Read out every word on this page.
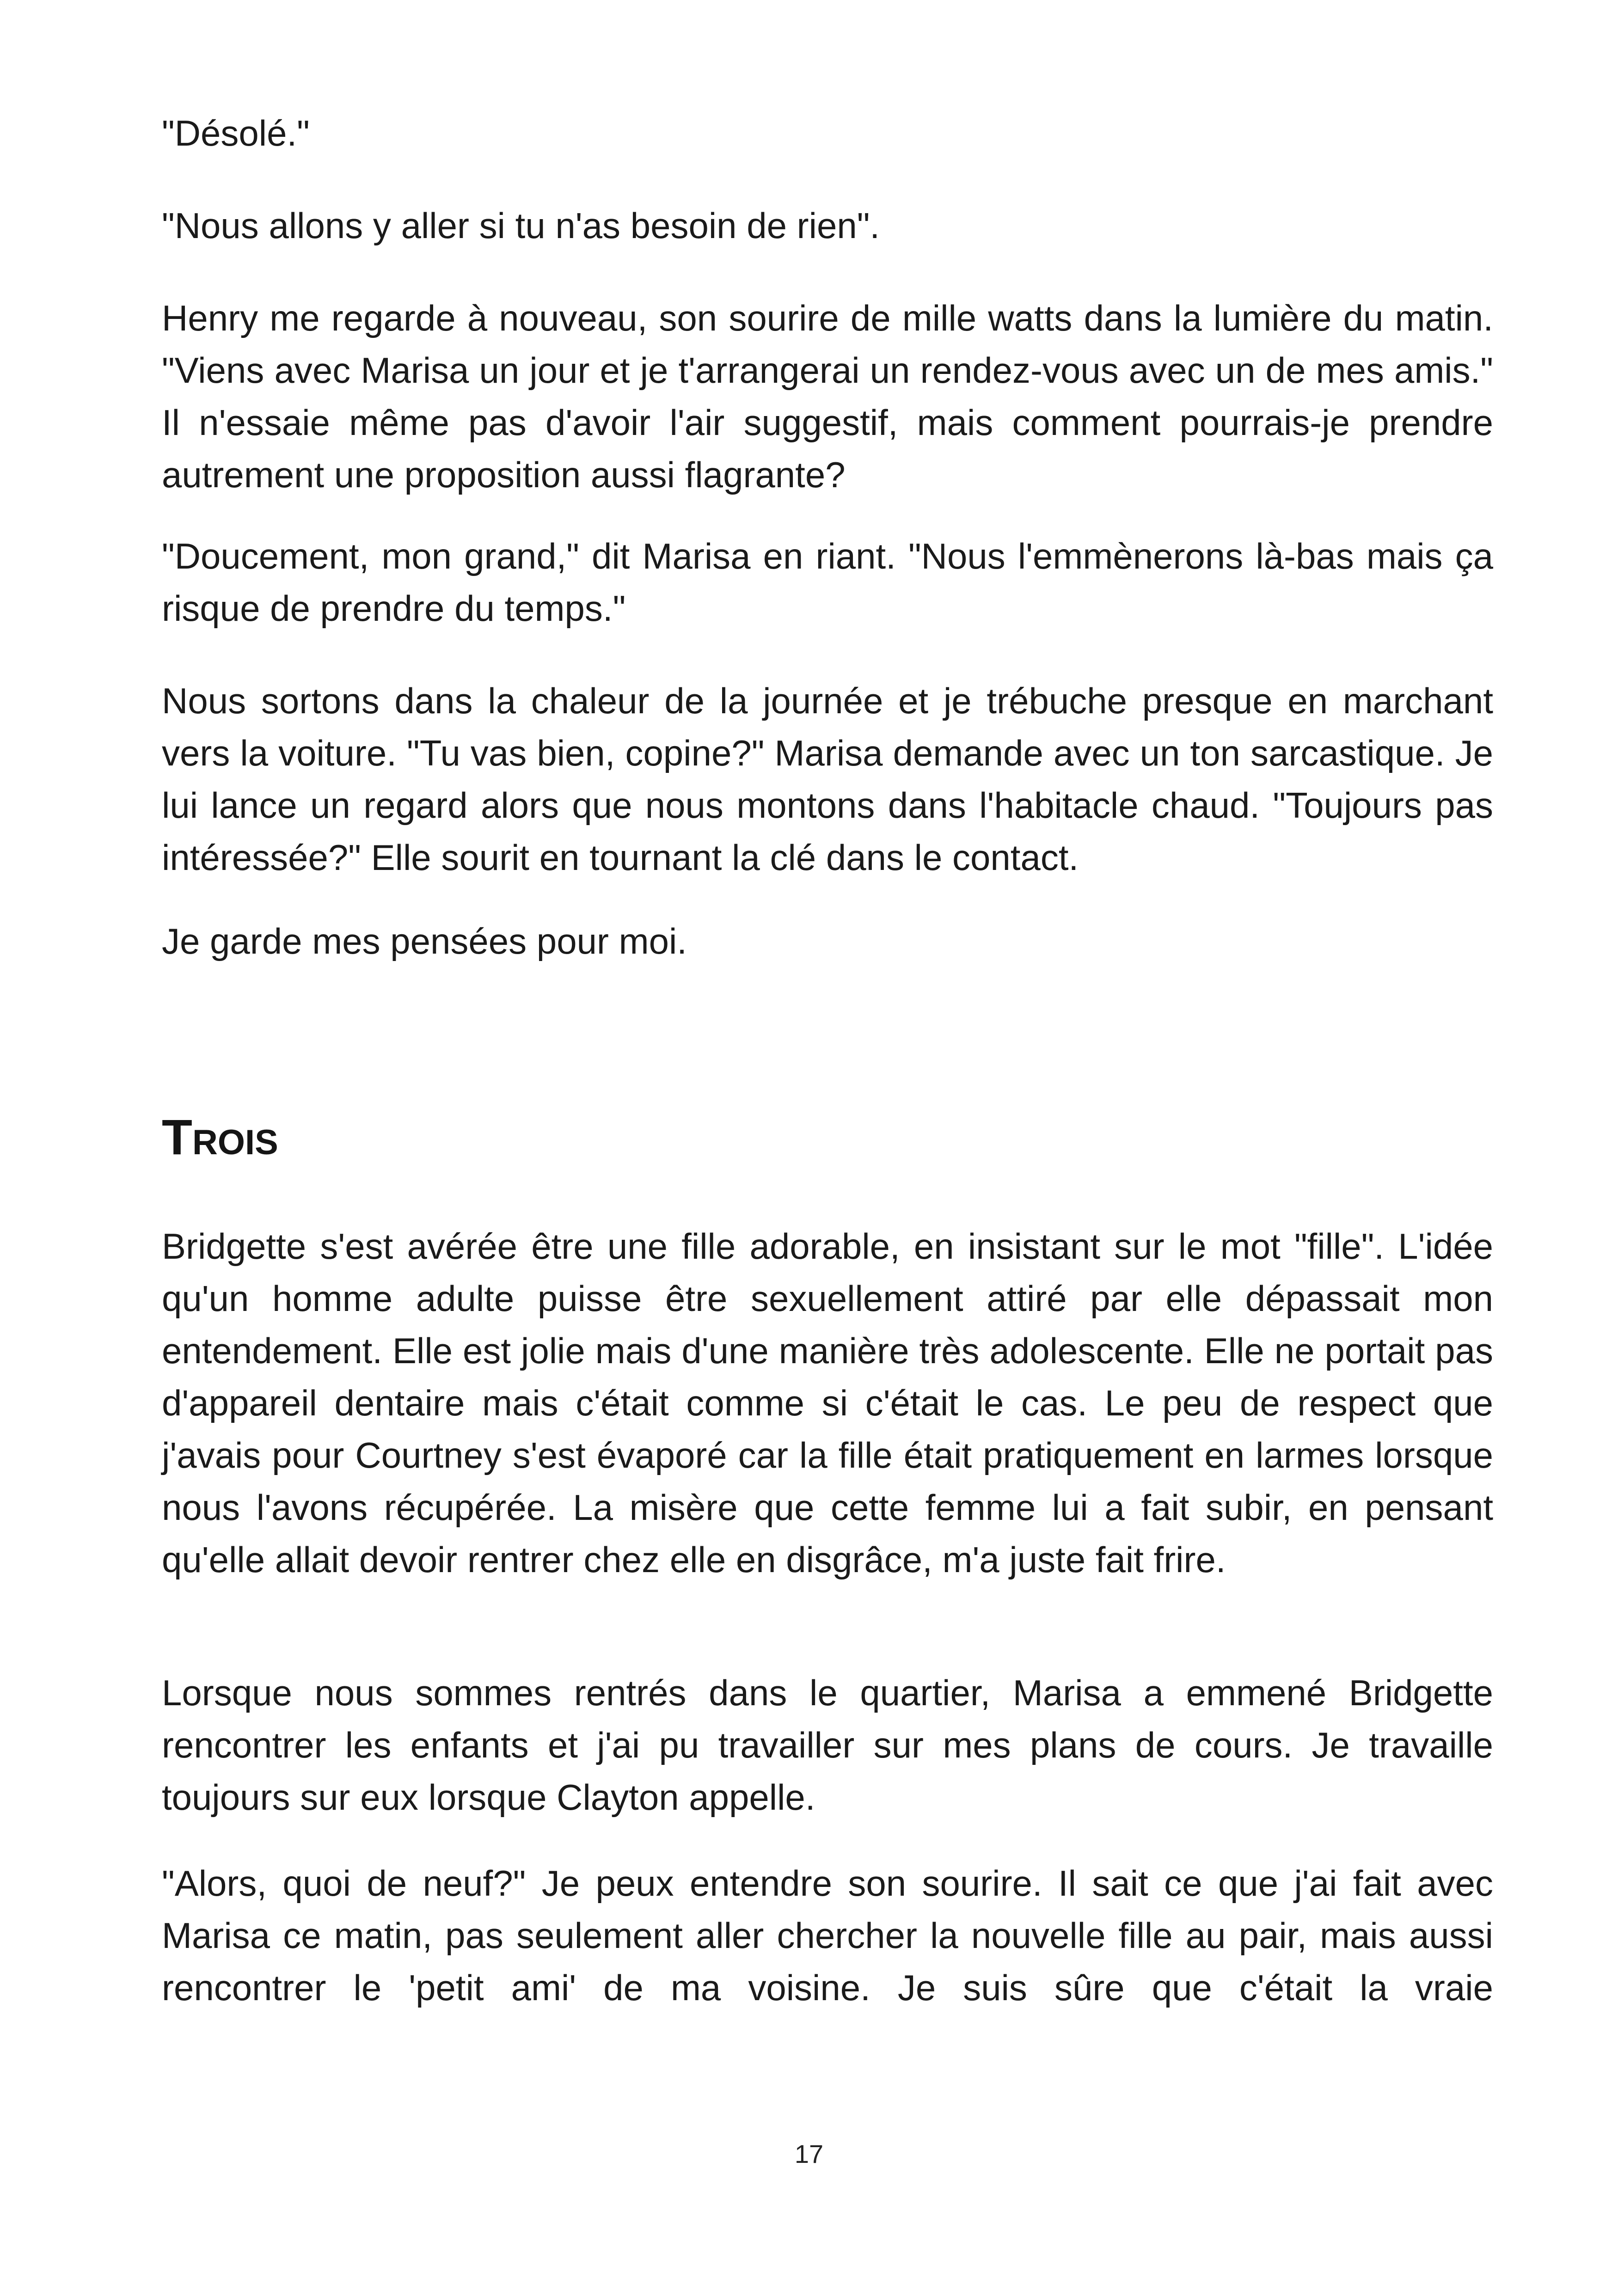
"Désolé."

"Nous allons y aller si tu n'as besoin de rien".

Henry me regarde à nouveau, son sourire de mille watts dans la lumière du matin. "Viens avec Marisa un jour et je t'arrangerai un rendez-vous avec un de mes amis." Il n'essaie même pas d'avoir l'air suggestif, mais comment pourrais-je prendre autrement une proposition aussi flagrante?

"Doucement, mon grand," dit Marisa en riant. "Nous l'emmènerons là-bas mais ça risque de prendre du temps."

Nous sortons dans la chaleur de la journée et je trébuche presque en marchant vers la voiture. "Tu vas bien, copine?" Marisa demande avec un ton sarcastique. Je lui lance un regard alors que nous montons dans l'habitacle chaud. "Toujours pas intéressée?" Elle sourit en tournant la clé dans le contact.

Je garde mes pensées pour moi.

Trois

Bridgette s'est avérée être une fille adorable, en insistant sur le mot "fille". L'idée qu'un homme adulte puisse être sexuellement attiré par elle dépassait mon entendement. Elle est jolie mais d'une manière très adolescente. Elle ne portait pas d'appareil dentaire mais c'était comme si c'était le cas. Le peu de respect que j'avais pour Courtney s'est évaporé car la fille était pratiquement en larmes lorsque nous l'avons récupérée. La misère que cette femme lui a fait subir, en pensant qu'elle allait devoir rentrer chez elle en disgrâce, m'a juste fait frire.

Lorsque nous sommes rentrés dans le quartier, Marisa a emmené Bridgette rencontrer les enfants et j'ai pu travailler sur mes plans de cours. Je travaille toujours sur eux lorsque Clayton appelle.

"Alors, quoi de neuf?" Je peux entendre son sourire. Il sait ce que j'ai fait avec Marisa ce matin, pas seulement aller chercher la nouvelle fille au pair, mais aussi rencontrer le 'petit ami' de ma voisine. Je suis sûre que c'était la vraie

17
